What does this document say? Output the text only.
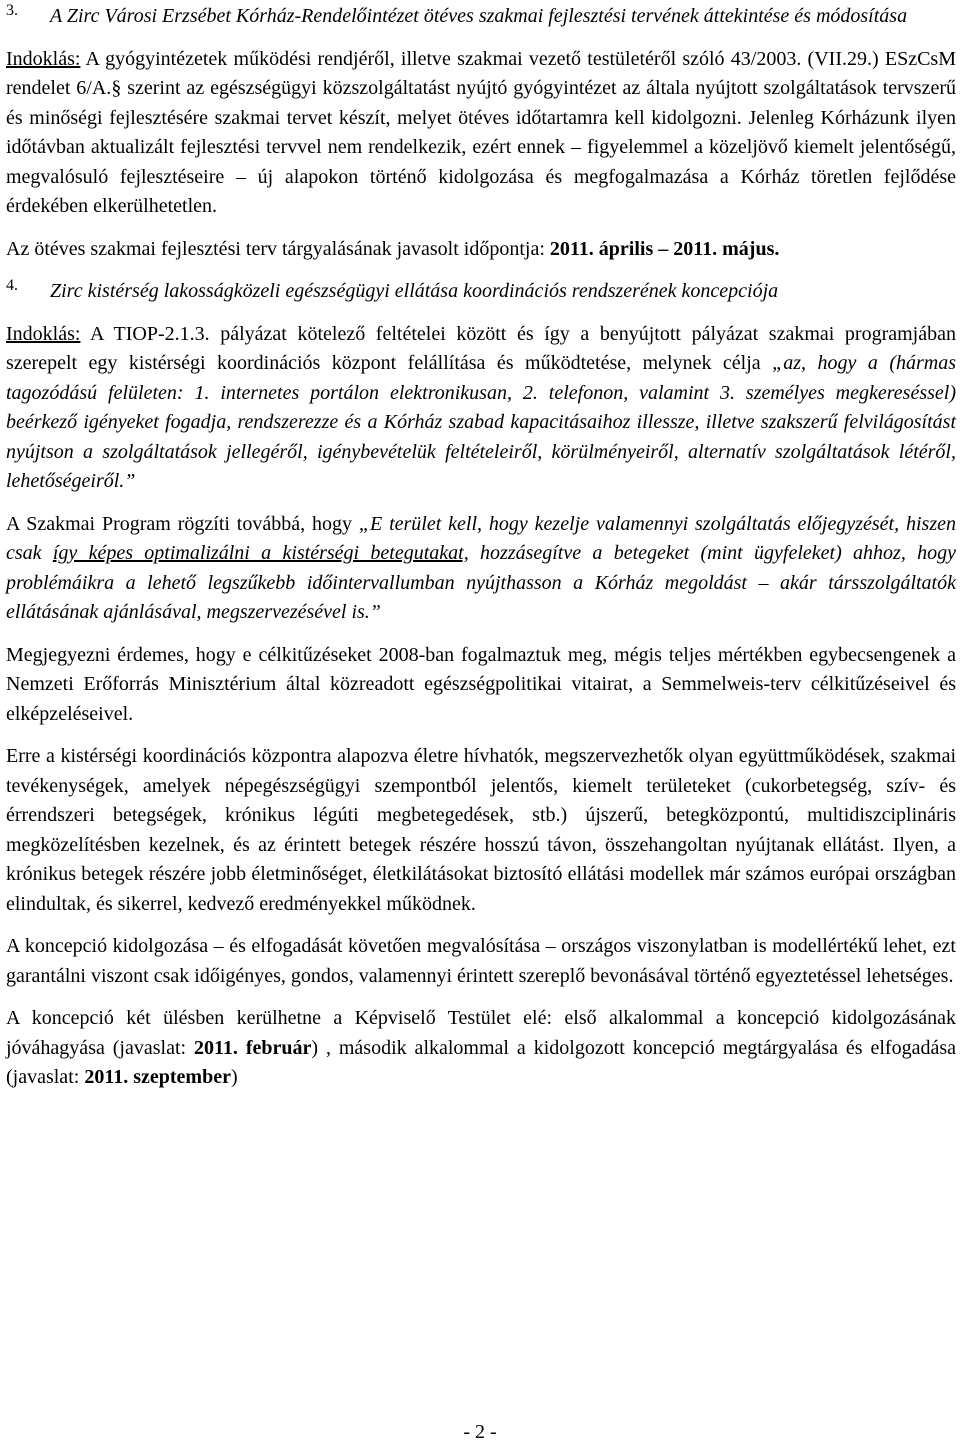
3.	A Zirc Városi Erzsébet Kórház-Rendelőintézet ötéves szakmai fejlesztési tervének áttekintése és módosítása

Indoklás: A gyógyintézetek működési rendjéről, illetve szakmai vezető testületéről szóló 43/2003. (VII.29.) ESzCsM rendelet 6/A.§ szerint az egészségügyi közszolgáltatást nyújtó gyógyintézet az általa nyújtott szolgáltatások tervszerű és minőségi fejlesztésére szakmai tervet készít, melyet ötéves időtartamra kell kidolgozni. Jelenleg Kórházunk ilyen időtávban aktualizált fejlesztési tervvel nem rendelkezik, ezért ennek – figyelemmel a közeljövő kiemelt jelentőségű, megvalósuló fejlesztéseire – új alapokon történő kidolgozása és megfogalmazása a Kórház töretlen fejlődése érdekében elkerülhetetlen.

Az ötéves szakmai fejlesztési terv tárgyalásának javasolt időpontja: 2011. április – 2011. május.

4.	Zirc kistérség lakosságközeli egészségügyi ellátása koordinációs rendszerének koncepciója

Indoklás: A TIOP-2.1.3. pályázat kötelező feltételei között és így a benyújtott pályázat szakmai programjában szerepelt egy kistérségi koordinációs központ felállítása és működtetése, melynek célja „az, hogy a (hármas tagozódású felületen: 1. internetes portálon elektronikusan, 2. telefonon, valamint 3. személyes megkereséssel) beérkező igényeket fogadja, rendszerezze és a Kórház szabad kapacitásaihoz illessze, illetve szakszerű felvilágosítást nyújtson a szolgáltatások jellegéről, igénybevételük feltételeiről, körülményeiről, alternatív szolgáltatások létéről, lehetőségeiről.”

A Szakmai Program rögzíti továbbá, hogy „E terület kell, hogy kezelje valamennyi szolgáltatás előjegyzését, hiszen csak így képes optimalizálni a kistérségi betegutakat, hozzásegítve a betegeket (mint ügyfeleket) ahhoz, hogy problémáikra a lehető legszűkebb időintervallumban nyújthasson a Kórház megoldást – akár társszolgáltatók ellátásának ajánlásával, megszervezésével is.”

Megjegyezni érdemes, hogy e célkitűzéseket 2008-ban fogalmaztuk meg, mégis teljes mértékben egybecsengenek a Nemzeti Erőforrás Minisztérium által közreadott egészségpolitikai vitairat, a Semmelweis-terv célkitűzéseivel és elképzeléseivel.

Erre a kistérségi koordinációs központra alapozva életre hívhatók, megszervezhetők olyan együttműködések, szakmai tevékenységek, amelyek népegészségügyi szempontból jelentős, kiemelt területeket (cukorbetegség, szív- és érrendszeri betegségek, krónikus légúti megbetegedések, stb.) újszerű, betegközpontú, multidiszciplináris megközelítésben kezelnek, és az érintett betegek részére hosszú távon, összehangoltan nyújtanak ellátást. Ilyen, a krónikus betegek részére jobb életminőséget, életkilátásokat biztosító ellátási modellek már számos európai országban elindultak, és sikerrel, kedvező eredményekkel működnek.

A koncepció kidolgozása – és elfogadását követően megvalósítása – országos viszonylatban is modellértékű lehet, ezt garantálni viszont csak időigényes, gondos, valamennyi érintett szereplő bevonásával történő egyeztetéssel lehetséges.

A koncepció két ülésben kerülhetne a Képviselő Testület elé: első alkalommal a koncepció kidolgozásának jóváhagyása (javaslat: 2011. február) , második alkalommal a kidolgozott koncepció megtárgyalása és elfogadása (javaslat: 2011. szeptember)

- 2 -
